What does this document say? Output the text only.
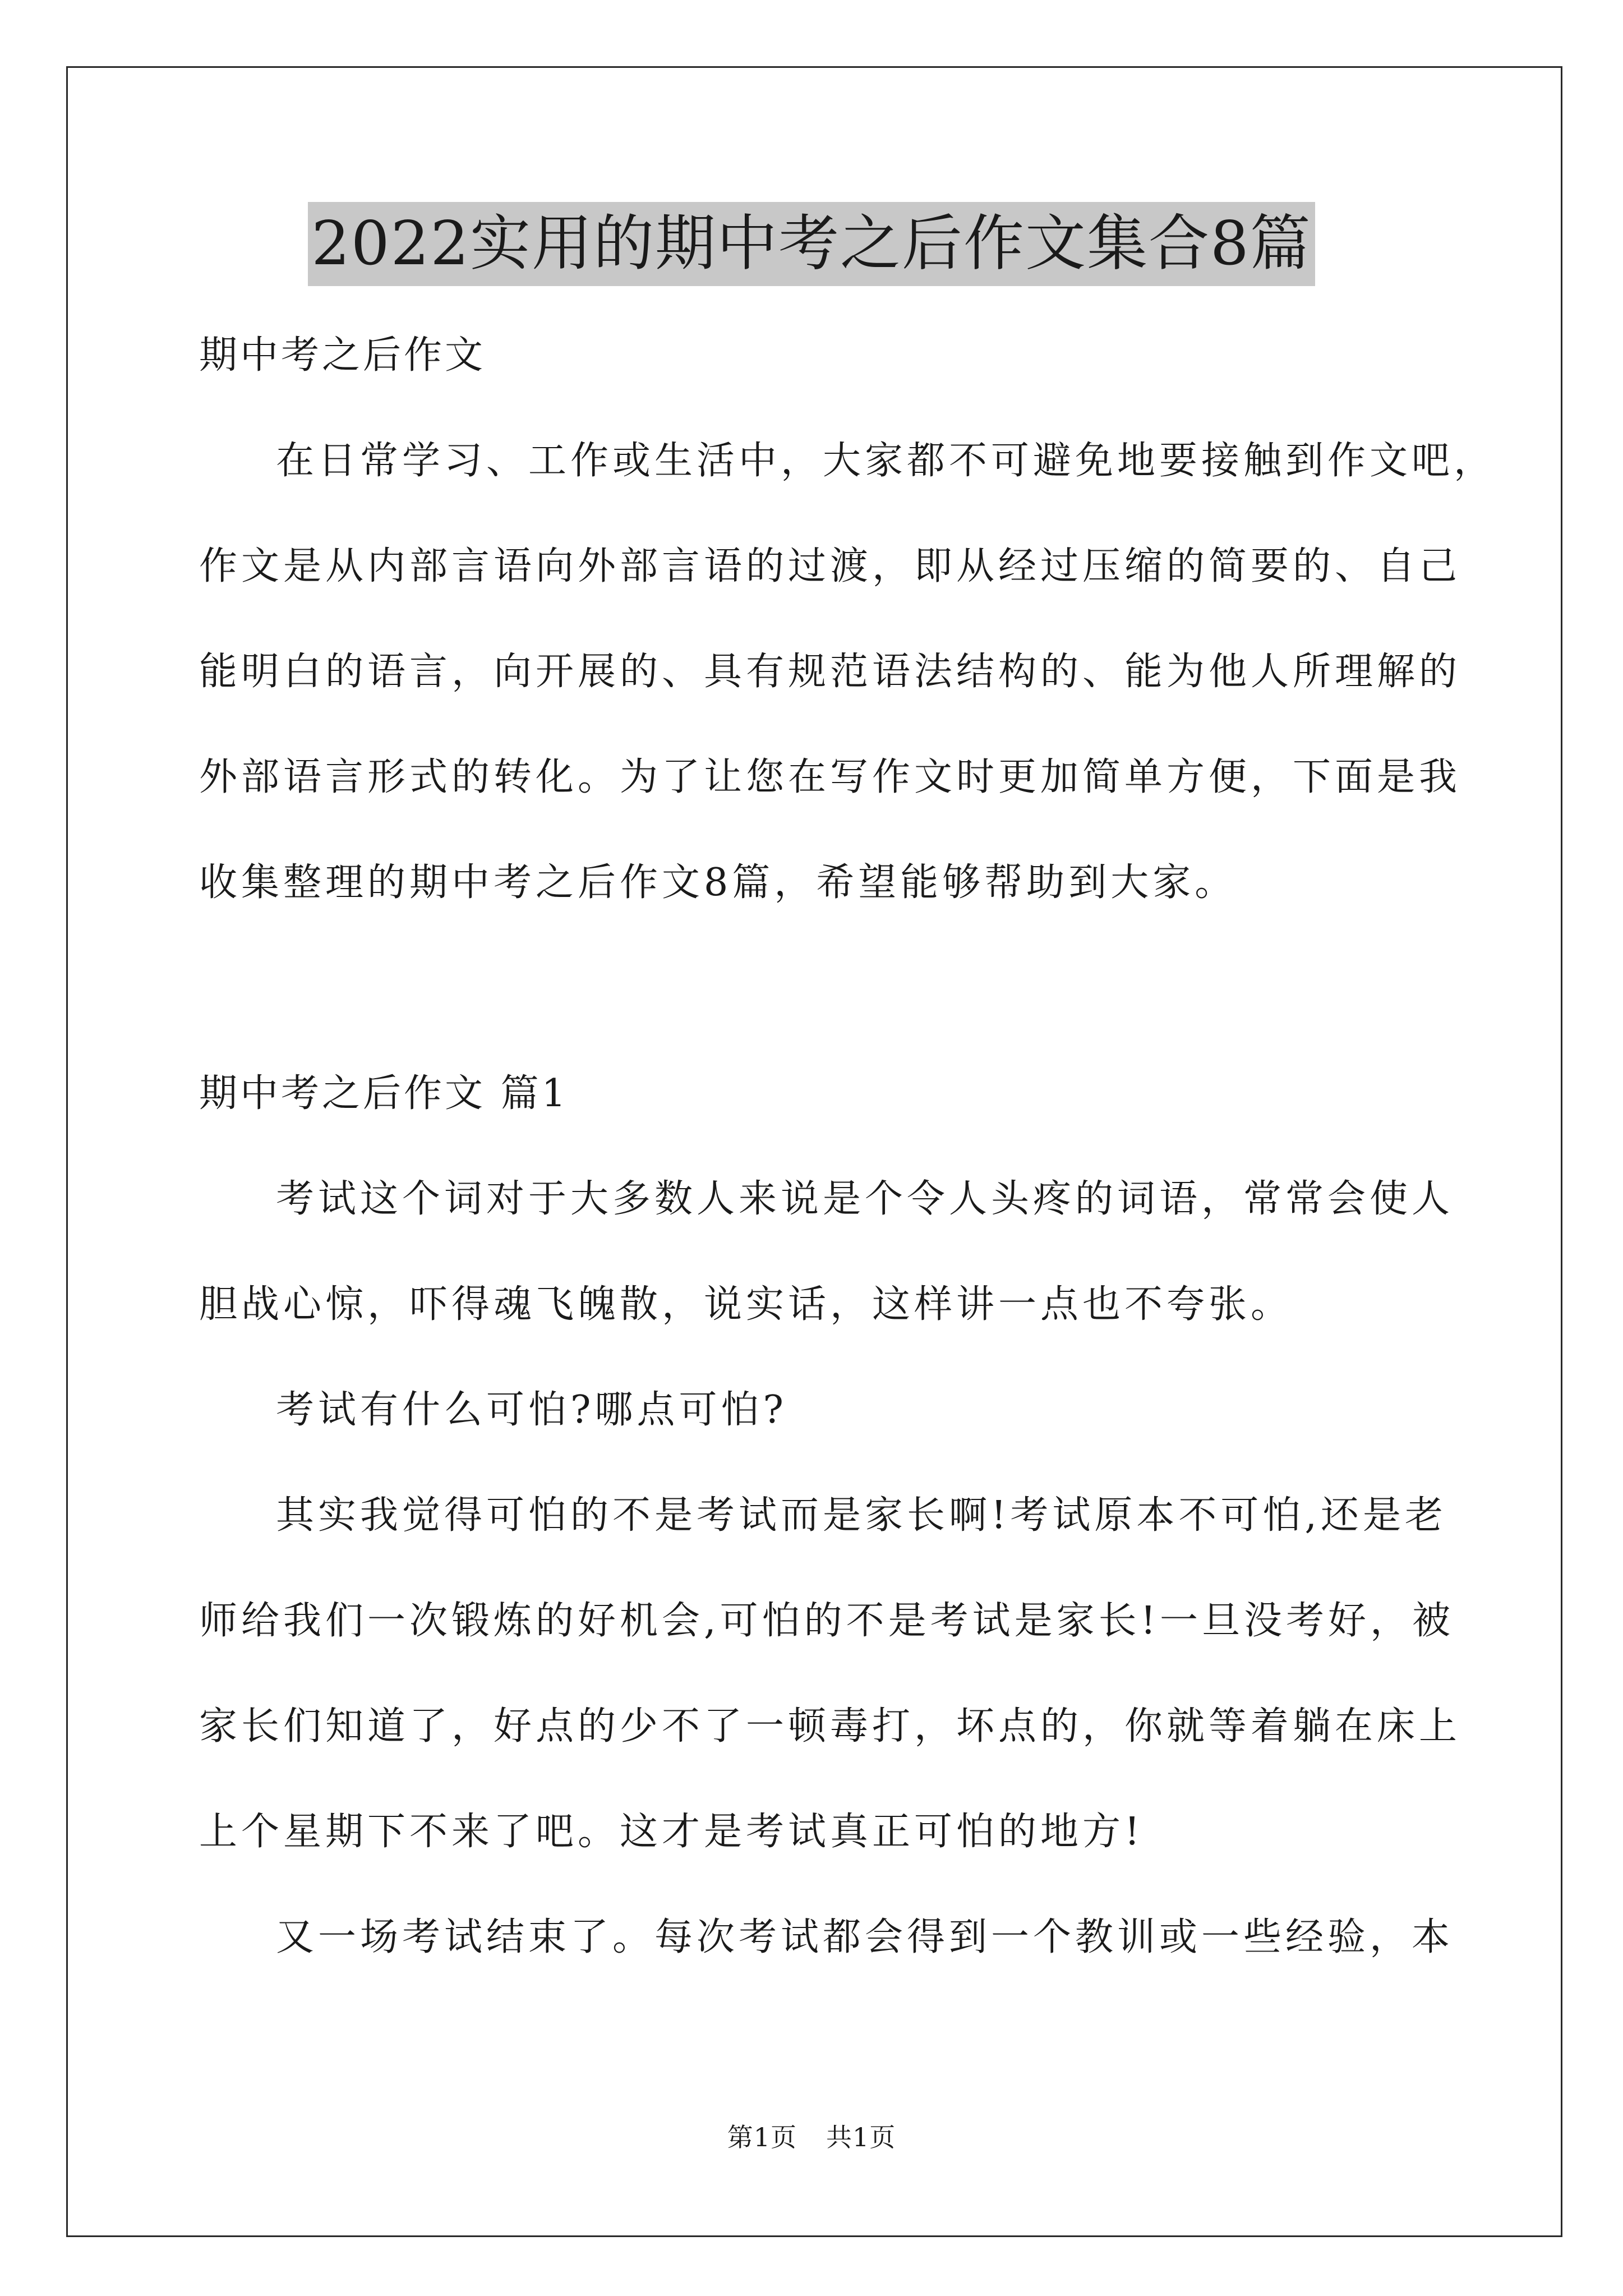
2022实用的期中考之后作文集合8篇

期中考之后作文

在日常学习、工作或生活中，大家都不可避免地要接触到作文吧，

作文是从内部言语向外部言语的过渡，即从经过压缩的简要的、自己

能明白的语言，向开展的、具有规范语法结构的、能为他人所理解的

外部语言形式的转化。为了让您在写作文时更加简单方便，下面是我

收集整理的期中考之后作文8篇，希望能够帮助到大家。

期中考之后作文 篇1

考试这个词对于大多数人来说是个令人头疼的词语，常常会使人

胆战心惊，吓得魂飞魄散，说实话，这样讲一点也不夸张。

考试有什么可怕?哪点可怕?

其实我觉得可怕的不是考试而是家长啊!考试原本不可怕,还是老

师给我们一次锻炼的好机会,可怕的不是考试是家长!一旦没考好，被

家长们知道了，好点的少不了一顿毒打，坏点的，你就等着躺在床上

上个星期下不来了吧。这才是考试真正可怕的地方!

又一场考试结束了。每次考试都会得到一个教训或一些经验，本

第1页 共1页
